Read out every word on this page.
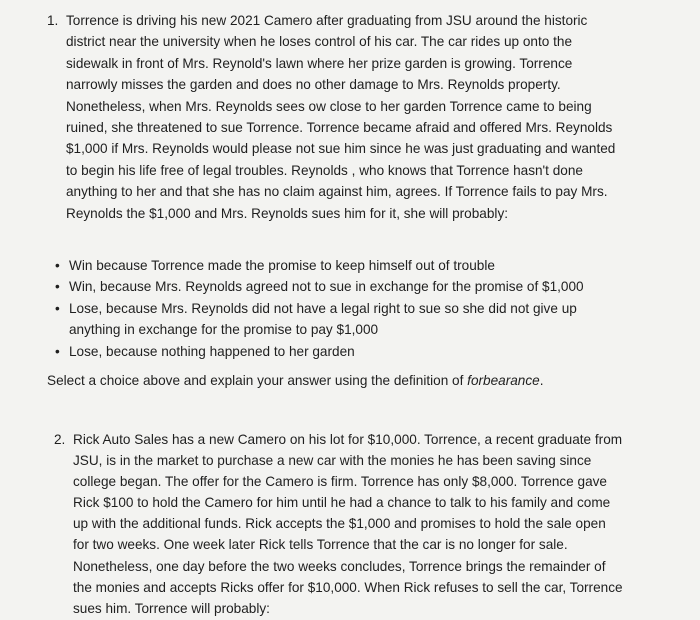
1. Torrence is driving his new 2021 Camero after graduating from JSU around the historic district near the university when he loses control of his car. The car rides up onto the sidewalk in front of Mrs. Reynold's lawn where her prize garden is growing. Torrence narrowly misses the garden and does no other damage to Mrs. Reynolds property. Nonetheless, when Mrs. Reynolds sees ow close to her garden Torrence came to being ruined, she threatened to sue Torrence. Torrence became afraid and offered Mrs. Reynolds $1,000 if Mrs. Reynolds would please not sue him since he was just graduating and wanted to begin his life free of legal troubles. Reynolds , who knows that Torrence hasn't done anything to her and that she has no claim against him, agrees. If Torrence fails to pay Mrs. Reynolds the $1,000 and Mrs. Reynolds sues him for it, she will probably:
• Win because Torrence made the promise to keep himself out of trouble
• Win, because Mrs. Reynolds agreed not to sue in exchange for the promise of $1,000
• Lose, because Mrs. Reynolds did not have a legal right to sue so she did not give up anything in exchange for the promise to pay $1,000
• Lose, because nothing happened to her garden
Select a choice above and explain your answer using the definition of forbearance.
2. Rick Auto Sales has a new Camero on his lot for $10,000. Torrence, a recent graduate from JSU, is in the market to purchase a new car with the monies he has been saving since college began. The offer for the Camero is firm. Torrence has only $8,000. Torrence gave Rick $100 to hold the Camero for him until he had a chance to talk to his family and come up with the additional funds. Rick accepts the $1,000 and promises to hold the sale open for two weeks. One week later Rick tells Torrence that the car is no longer for sale. Nonetheless, one day before the two weeks concludes, Torrence brings the remainder of the monies and accepts Ricks offer for $10,000. When Rick refuses to sell the car, Torrence sues him. Torrence will probably:
